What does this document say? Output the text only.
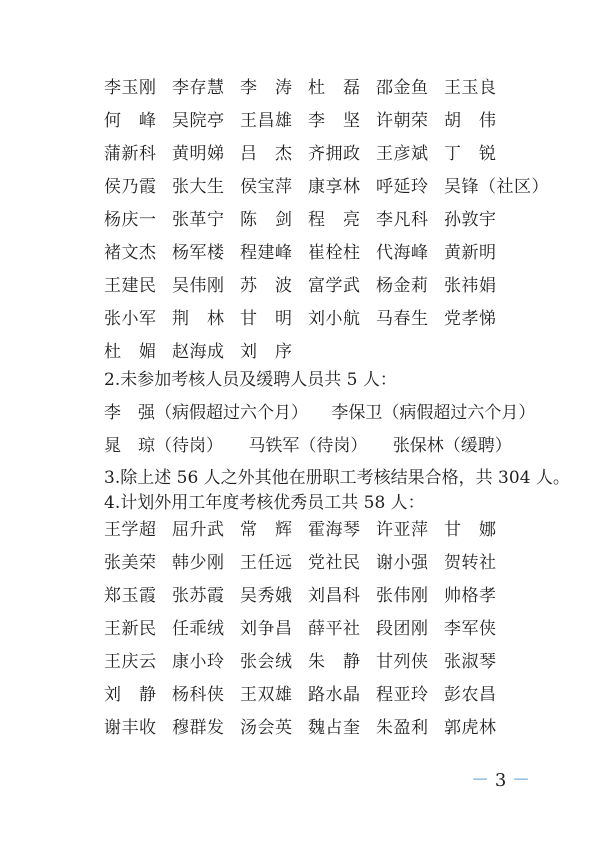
李玉刚 李存慧 李　涛 杜　磊 邵金鱼 王玉良
何　峰 吴院亭 王昌雄 李　坚 许朝荣 胡　伟
蒲新科 黄明娣 吕　杰 齐拥政 王彦斌 丁　锐
侯乃霞 张大生 侯宝萍 康享林 呼延玲 吴锋（社区）
杨庆一 张革宁 陈　剑 程　亮 李凡科 孙敦宇
褚文杰 杨军楼 程建峰 崔栓柱 代海峰 黄新明
王建民 吴伟刚 苏　波 富学武 杨金莉 张祎娟
张小军 荆　林 甘　明 刘小航 马春生 党孝悌
杜　媚 赵海成 刘　序
2.未参加考核人员及缓聘人员共 5 人：
李　强（病假超过六个月） 李保卫（病假超过六个月）
晁　琼（待岗） 马铁军（待岗） 张保林（缓聘）
3.除上述 56 人之外其他在册职工考核结果合格，共 304 人。
4.计划外用工年度考核优秀员工共 58 人：
王学超 屈升武 常　辉 霍海琴 许亚萍 甘　娜
张美荣 韩少刚 王任远 党社民 谢小强 贺转社
郑玉霞 张苏霞 吴秀娥 刘昌科 张伟刚 帅格孝
王新民 任乖绒 刘争昌 薛平社 段团刚 李军侠
王庆云 康小玲 张会绒 朱　静 甘列侠 张淑琴
刘　静 杨科侠 王双雄 路水晶 程亚玲 彭农昌
谢丰收 穆群发 汤会英 魏占奎 朱盈利 郭虎林
－ 3 －
